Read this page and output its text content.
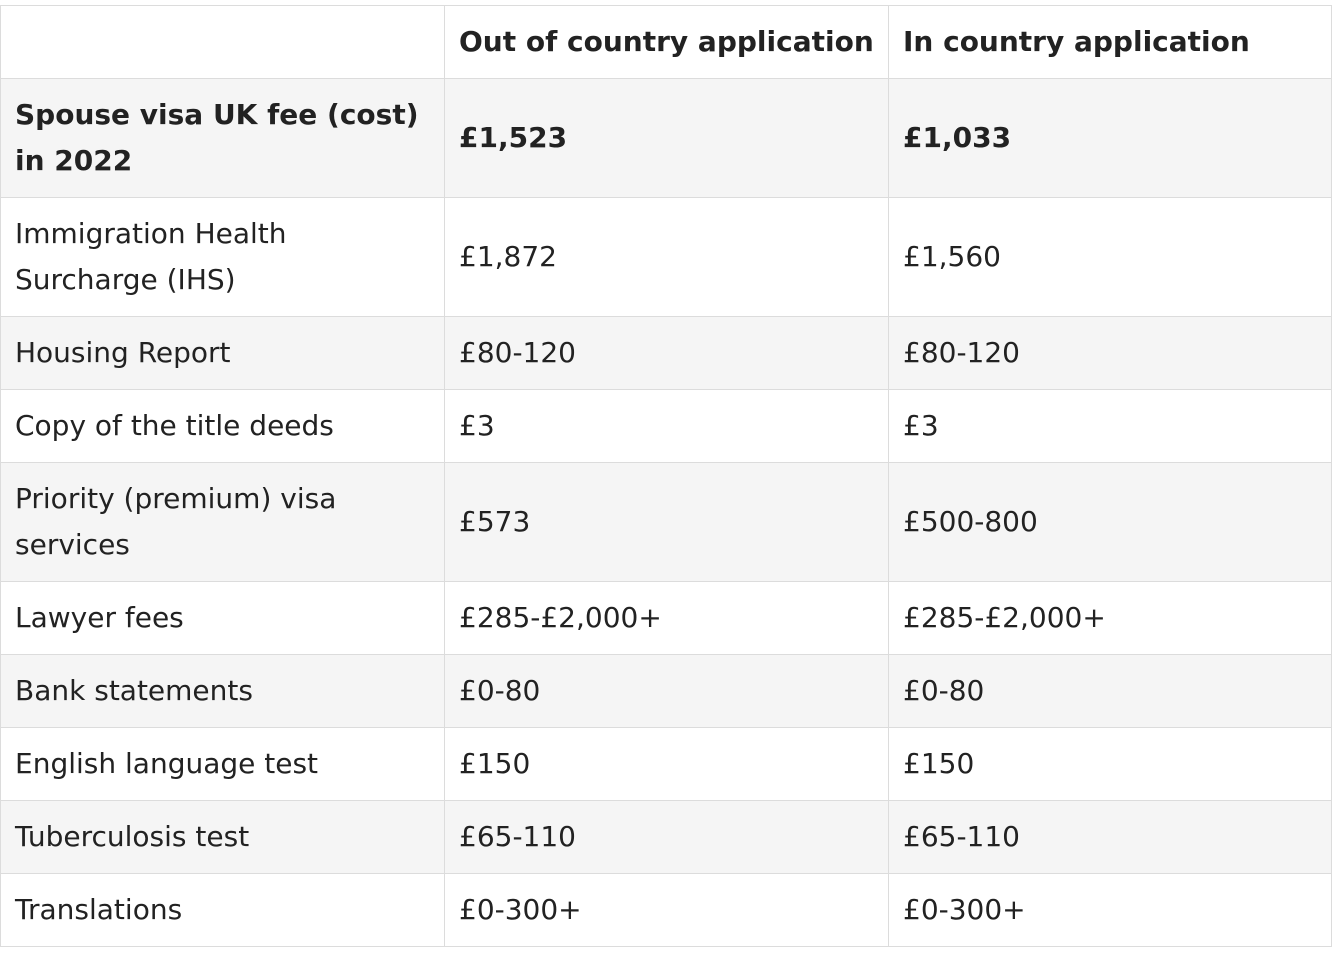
	Out of country application	In country application
Spouse visa UK fee (cost) in 2022	£1,523	£1,033
Immigration Health Surcharge (IHS)	£1,872	£1,560
Housing Report	£80-120	£80-120
Copy of the title deeds	£3	£3
Priority (premium) visa services	£573	£500-800
Lawyer fees	£285-£2,000+	£285-£2,000+
Bank statements	£0-80	£0-80
English language test	£150	£150
Tuberculosis test	£65-110	£65-110
Translations	£0-300+	£0-300+
